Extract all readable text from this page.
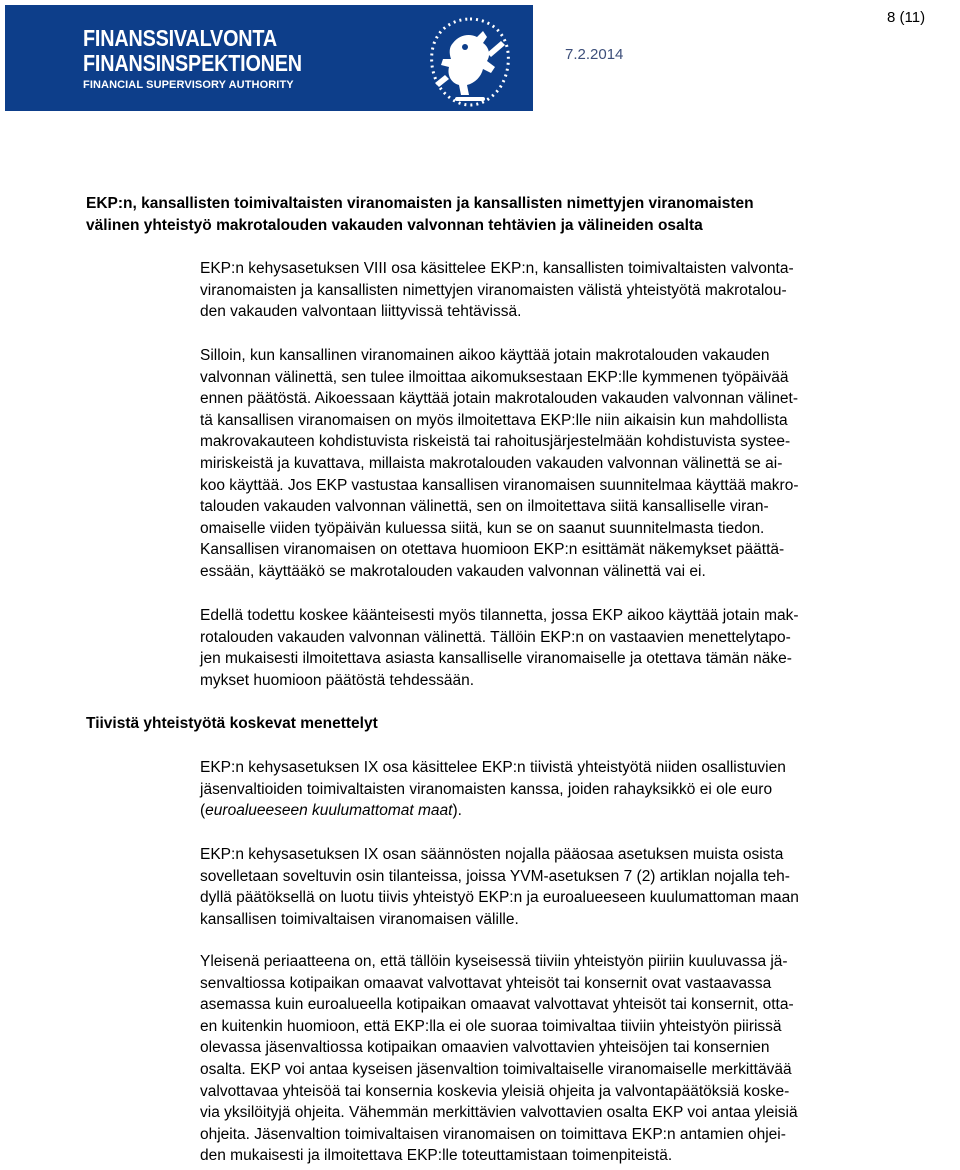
FINANSSIVALVONTA
FINANSINSPEKTIONEN
FINANCIAL SUPERVISORY AUTHORITY
7.2.2014
8 (11)
EKP:n, kansallisten toimivaltaisten viranomaisten ja kansallisten nimettyjen viranomaisten
välinen yhteistyö makrotalouden vakauden valvonnan tehtävien ja välineiden osalta
EKP:n kehysasetuksen VIII osa käsittelee EKP:n, kansallisten toimivaltaisten valvonta-
viranomaisten ja kansallisten nimettyjen viranomaisten välistä yhteistyötä makrotalou-
den vakauden valvontaan liittyvissä tehtävissä.
Silloin, kun kansallinen viranomainen aikoo käyttää jotain makrotalouden vakauden
valvonnan välinettä, sen tulee ilmoittaa aikomuksestaan EKP:lle kymmenen työpäivää
ennen päätöstä. Aikoessaan käyttää jotain makrotalouden vakauden valvonnan välinet-
tä kansallisen viranomaisen on myös ilmoitettava EKP:lle niin aikaisin kun mahdollista
makrovakauteen kohdistuvista riskeistä tai rahoitusjärjestelmään kohdistuvista systee-
miriskeistä ja kuvattava, millaista makrotalouden vakauden valvonnan välinettä se ai-
koo käyttää. Jos EKP vastustaa kansallisen viranomaisen suunnitelmaa käyttää makro-
talouden vakauden valvonnan välinettä, sen on ilmoitettava siitä kansalliselle viran-
omaiselle viiden työpäivän kuluessa siitä, kun se on saanut suunnitelmasta tiedon.
Kansallisen viranomaisen on otettava huomioon EKP:n esittämät näkemykset päättä-
essään, käyttääkö se makrotalouden vakauden valvonnan välinettä vai ei.
Edellä todettu koskee käänteisesti myös tilannetta, jossa EKP aikoo käyttää jotain mak-
rotalouden vakauden valvonnan välinettä. Tällöin EKP:n on vastaavien menettelytapo-
jen mukaisesti ilmoitettava asiasta kansalliselle viranomaiselle ja otettava tämän näke-
mykset huomioon päätöstä tehdessään.
Tiivistä yhteistyötä koskevat menettelyt
EKP:n kehysasetuksen IX osa käsittelee EKP:n tiivistä yhteistyötä niiden osallistuvien
jäsenvaltioiden toimivaltaisten viranomaisten kanssa, joiden rahayksikkö ei ole euro
(euroalueeseen kuulumattomat maat).
EKP:n kehysasetuksen IX osan säännösten nojalla pääosaa asetuksen muista osista
sovelletaan soveltuvin osin tilanteissa, joissa YVM-asetuksen 7 (2) artiklan nojalla teh-
dyllä päätöksellä on luotu tiivis yhteistyö EKP:n ja euroalueeseen kuulumattoman maan
kansallisen toimivaltaisen viranomaisen välille.
Yleisenä periaatteena on, että tällöin kyseisessä tiiviin yhteistyön piiriin kuuluvassa jä-
senvaltiossa kotipaikan omaavat valvottavat yhteisöt tai konsernit ovat vastaavassa
asemassa kuin euroalueella kotipaikan omaavat valvottavat yhteisöt tai konsernit, otta-
en kuitenkin huomioon, että EKP:lla ei ole suoraa toimivaltaa tiiviin yhteistyön piirissä
olevassa jäsenvaltiossa kotipaikan omaavien valvottavien yhteisöjen tai konsernien
osalta. EKP voi antaa kyseisen jäsenvaltion toimivaltaiselle viranomaiselle merkittävää
valvottavaa yhteisöä tai konsernia koskevia yleisiä ohjeita ja valvontapäätöksiä koske-
via yksilöityjä ohjeita. Vähemmän merkittävien valvottavien osalta EKP voi antaa yleisiä
ohjeita. Jäsenvaltion toimivaltaisen viranomaisen on toimittava EKP:n antamien ohjei-
den mukaisesti ja ilmoitettava EKP:lle toteuttamistaan toimenpiteistä.
